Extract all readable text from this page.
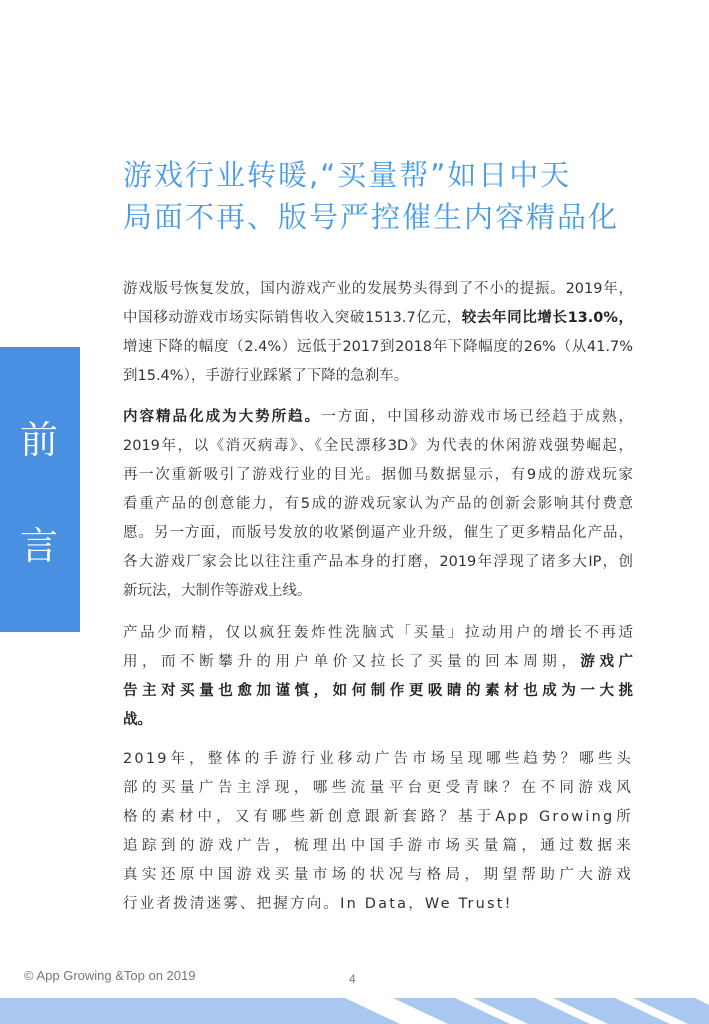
游戏行业转暖,“买量帮”如日中天
局面不再、版号严控催生内容精品化
前
言
游戏版号恢复发放，国内游戏产业的发展势头得到了不小的提振。2019年，
中国移动游戏市场实际销售收入突破1513.7亿元，较去年同比增长13.0%，
增速下降的幅度（2.4%）远低于2017到2018年下降幅度的26%（从41.7%
到15.4%），手游行业踩紧了下降的急刹车。
内容精品化成为大势所趋。一方面，中国移动游戏市场已经趋于成熟，
2019年，以《消灭病毒》、《全民漂移3D》为代表的休闲游戏强势崛起，
再一次重新吸引了游戏行业的目光。据伽马数据显示，有9成的游戏玩家
看重产品的创意能力，有5成的游戏玩家认为产品的创新会影响其付费意
愿。另一方面，而版号发放的收紧倒逼产业升级，催生了更多精品化产品，
各大游戏厂家会比以往注重产品本身的打磨，2019年浮现了诸多大IP，创
新玩法，大制作等游戏上线。
产品少而精，仅以疯狂轰炸性洗脑式「买量」拉动用户的增长不再适
用，而不断攀升的用户单价又拉长了买量的回本周期，游戏广
告主对买量也愈加谨慎，如何制作更吸睛的素材也成为一大挑
战。
2019年，整体的手游行业移动广告市场呈现哪些趋势？哪些头
部的买量广告主浮现，哪些流量平台更受青睐？在不同游戏风
格的素材中，又有哪些新创意跟新套路？基于App Growing所
追踪到的游戏广告，梳理出中国手游市场买量篇，通过数据来
真实还原中国游戏买量市场的状况与格局，期望帮助广大游戏
行业者拨清迷雾、把握方向。In Data，We Trust!
© App Growing &Top on 2019	4
